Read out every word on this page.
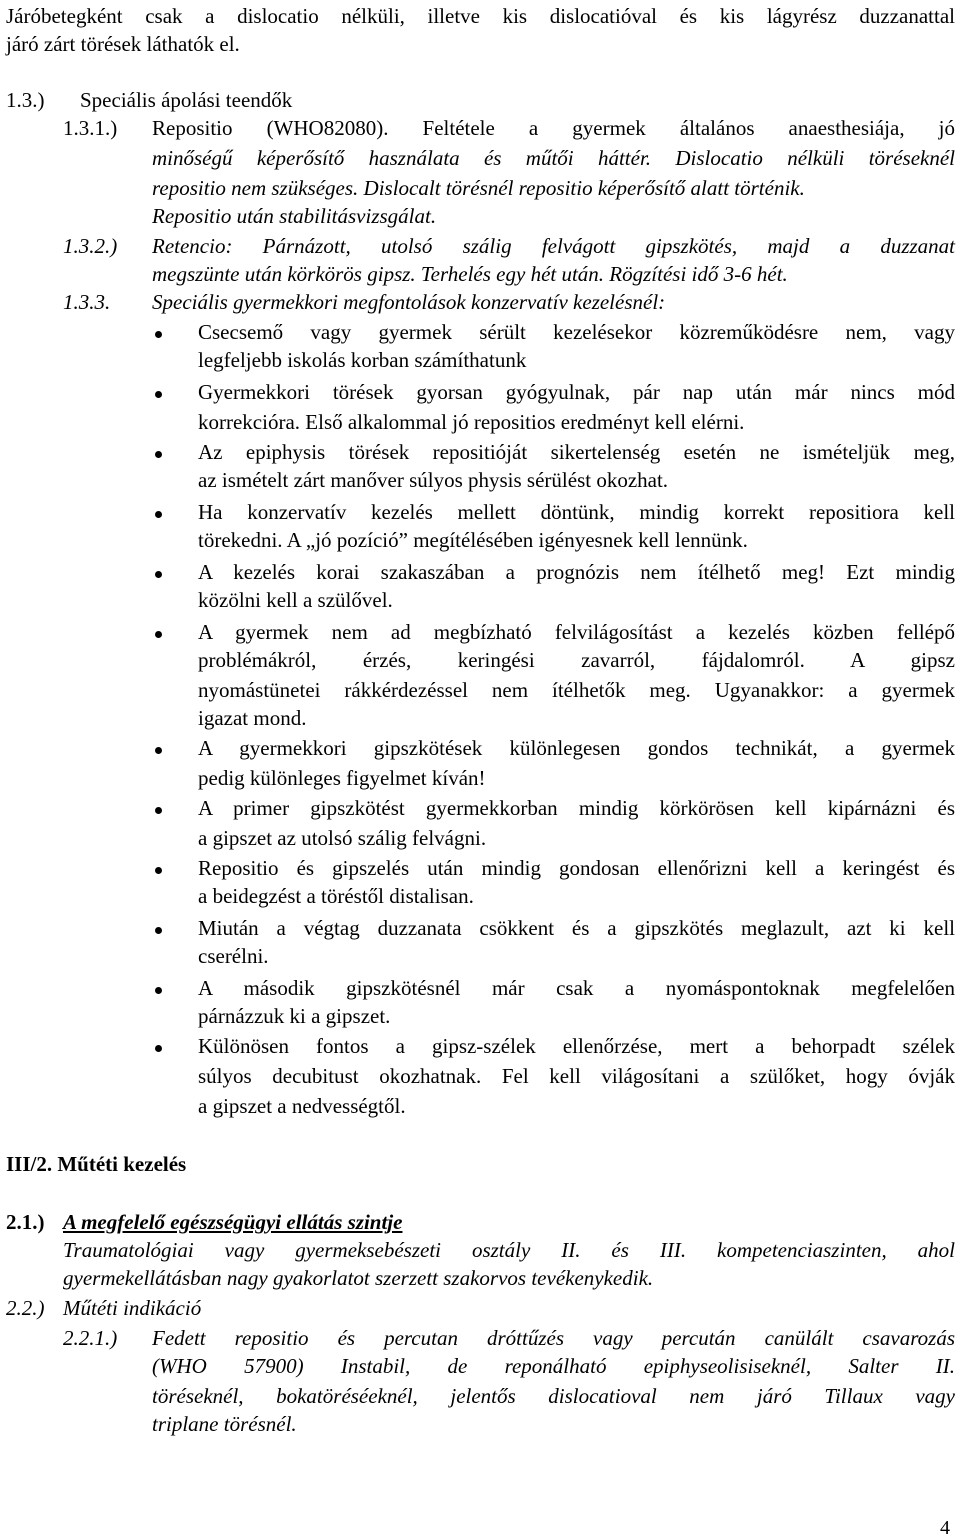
Járóbetegként csak a dislocatio nélküli, illetve kis dislocatióval és kis lágyrész duzzanattal
járó zárt törések láthatók el.
1.3.) Speciális ápolási teendők
1.3.1.) Repositio (WHO82080). Feltétele a gyermek általános anaesthesiája, jó
minőségű képerősítő használata és műtői háttér. Dislocatio nélküli töréseknél
repositio nem szükséges. Dislocalt törésnél repositio képerősítő alatt történik.
Repositio után stabilitásvizsgálat.
1.3.2.) Retencio: Párnázott, utolsó szálig felvágott gipszkötés, majd a duzzanat
megszünte után körkörös gipsz. Terhelés egy hét után. Rögzítési idő 3-6 hét.
1.3.3. Speciális gyermekkori megfontolások konzervatív kezelésnél:
Csecsemő vagy gyermek sérült kezelésekor közreműködésre nem, vagy
legfeljebb iskolás korban számíthatunk
Gyermekkori törések gyorsan gyógyulnak, pár nap után már nincs mód
korrekcióra. Első alkalommal jó repositios eredményt kell elérni.
Az epiphysis törések repositióját sikertelenség esetén ne ismételjük meg,
az ismételt zárt manőver súlyos physis sérülést okozhat.
Ha konzervatív kezelés mellett döntünk, mindig korrekt repositiora kell
törekedni. A „jó pozíció” megítélésében igényesnek kell lennünk.
A kezelés korai szakaszában a prognózis nem ítélhető meg! Ezt mindig
közölni kell a szülővel.
A gyermek nem ad megbízható felvilágosítást a kezelés közben fellépő
problémákról, érzés, keringési zavarról, fájdalomról. A gipsz
nyomástünetei rákkérdezéssel nem ítélhetők meg. Ugyanakkor: a gyermek
igazat mond.
A gyermekkori gipszkötések különlegesen gondos technikát, a gyermek
pedig különleges figyelmet kíván!
A primer gipszkötést gyermekkorban mindig körkörösen kell kipárnázni és
a gipszet az utolsó szálig felvágni.
Repositio és gipszelés után mindig gondosan ellenőrizni kell a keringést és
a beidegzést a töréstől distalisan.
Miután a végtag duzzanata csökkent és a gipszkötés meglazult, azt ki kell
cserélni.
A második gipszkötésnél már csak a nyomáspontoknak megfelelően
párnázzuk ki a gipszet.
Különösen fontos a gipsz-szélek ellenőrzése, mert a behorpadt szélek
súlyos decubitust okozhatnak. Fel kell világosítani a szülőket, hogy óvják
a gipszet a nedvességtől.
III/2. Műtéti kezelés
2.1.) A megfelelő egészségügyi ellátás szintje
Traumatológiai vagy gyermeksebészeti osztály II. és III. kompetenciaszinten, ahol
gyermekellátásban nagy gyakorlatot szerzett szakorvos tevékenykedik.
2.2.) Műtéti indikáció
2.2.1.) Fedett repositio és percutan dróttűzés vagy percután canülált csavarozás
(WHO 57900) Instabil, de reponálható epiphyseolisiseknél, Salter II.
töréseknél, bokatöréséeknél, jelentős dislocatioval nem járó Tillaux vagy
triplane törésnél.
4
